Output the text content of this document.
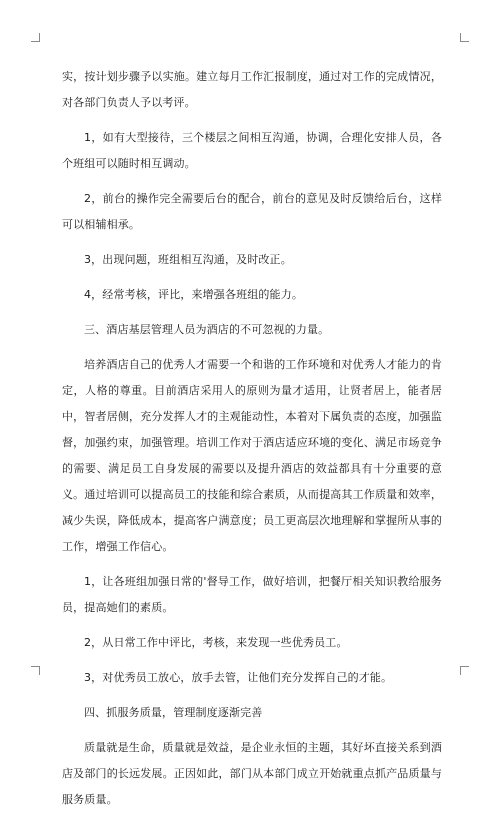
实，按计划步骤予以实施。建立每月工作汇报制度，通过对工作的完成情况，对各部门负责人予以考评。

1，如有大型接待，三个楼层之间相互沟通，协调，合理化安排人员，各个班组可以随时相互调动。

2，前台的操作完全需要后台的配合，前台的意见及时反馈给后台，这样可以相辅相承。

3，出现问题，班组相互沟通，及时改正。

4，经常考核，评比，来增强各班组的能力。

三、酒店基层管理人员为酒店的不可忽视的力量。

培养酒店自己的优秀人才需要一个和谐的工作环境和对优秀人才能力的肯定，人格的尊重。目前酒店采用人的原则为量才适用，让贤者居上，能者居中，智者居侧，充分发挥人才的主观能动性，本着对下属负责的态度，加强监督，加强约束，加强管理。培训工作对于酒店适应环境的变化、满足市场竞争的需要、满足员工自身发展的需要以及提升酒店的效益都具有十分重要的意义。通过培训可以提高员工的技能和综合素质，从而提高其工作质量和效率，减少失误，降低成本，提高客户满意度；员工更高层次地理解和掌握所从事的工作，增强工作信心。

1，让各班组加强日常的'督导工作，做好培训，把餐厅相关知识教给服务员，提高她们的素质。

2，从日常工作中评比，考核，来发现一些优秀员工。

3，对优秀员工放心，放手去管，让他们充分发挥自己的才能。

四、抓服务质量，管理制度逐渐完善

质量就是生命，质量就是效益，是企业永恒的主题，其好坏直接关系到酒店及部门的长远发展。正因如此，部门从本部门成立开始就重点抓产品质量与服务质量。
